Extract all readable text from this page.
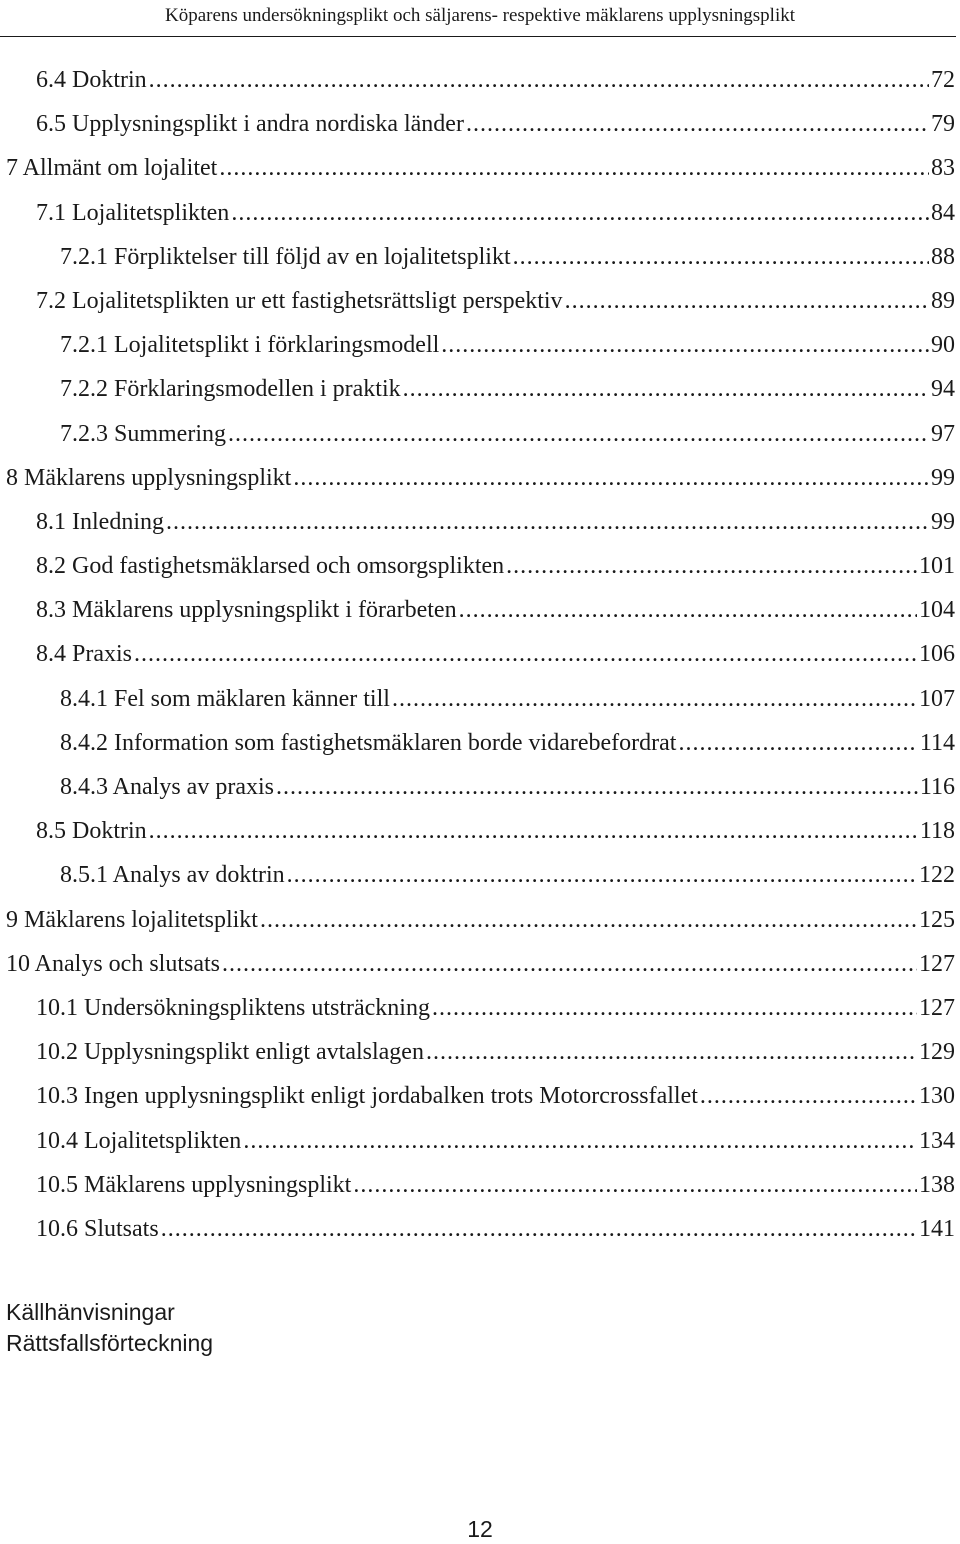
Köparens undersökningsplikt och säljarens- respektive mäklarens upplysningsplikt
6.4 Doktrin .....	72
6.5 Upplysningsplikt i andra nordiska länder .....	79
7 Allmänt om lojalitet .....	83
7.1 Lojalitetsplikten .....	84
7.2.1 Förpliktelser till följd av en lojalitetsplikt .....	88
7.2 Lojalitetsplikten ur ett fastighetsrättsligt perspektiv .....	89
7.2.1 Lojalitetsplikt i förklaringsmodell .....	90
7.2.2 Förklaringsmodellen i praktik .....	94
7.2.3 Summering .....	97
8 Mäklarens upplysningsplikt .....	99
8.1 Inledning .....	99
8.2 God fastighetsmäklarsed och omsorgsplikten .....	101
8.3 Mäklarens upplysningsplikt i förarbeten .....	104
8.4 Praxis .....	106
8.4.1 Fel som mäklaren känner till .....	107
8.4.2 Information som fastighetsmäklaren borde vidarebefordrat .....	114
8.4.3 Analys av praxis .....	116
8.5 Doktrin .....	118
8.5.1 Analys av doktrin .....	122
9 Mäklarens lojalitetsplikt .....	125
10 Analys och slutsats .....	127
10.1 Undersökningspliktens utsträckning .....	127
10.2 Upplysningsplikt enligt avtalslagen .....	129
10.3 Ingen upplysningsplikt enligt jordabalken trots Motorcrossfallet .....	130
10.4 Lojalitetsplikten .....	134
10.5 Mäklarens upplysningsplikt .....	138
10.6 Slutsats .....	141
Källhänvisningar
Rättsfallsförteckning
12
